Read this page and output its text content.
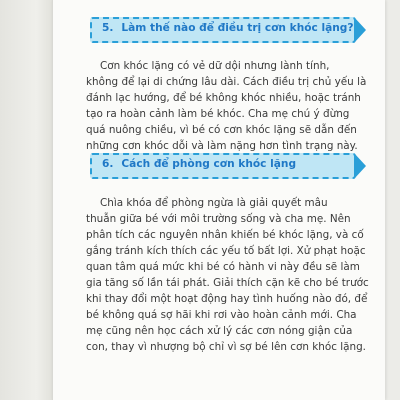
5. Làm thế nào để điều trị cơn khóc lặng?
Cơn khóc lặng có vẻ dữ dội nhưng lành tính,
không để lại di chứng lâu dài. Cách điều trị chủ yếu là
đánh lạc hướng, để bé không khóc nhiều, hoặc tránh
tạo ra hoàn cảnh làm bé khóc. Cha mẹ chú ý đừng
quá nuông chiều, vì bé có cơn khóc lặng sẽ dẫn đến
những cơn khóc dỗi và làm nặng hơn tình trạng này.
6. Cách để phòng cơn khóc lặng
Chìa khóa để phòng ngừa là giải quyết mâu
thuẫn giữa bé với môi trường sống và cha mẹ. Nên
phân tích các nguyên nhân khiến bé khóc lặng, và cố
gắng tránh kích thích các yếu tố bất lợi. Xử phạt hoặc
quan tâm quá mức khi bé có hành vi này đều sẽ làm
gia tăng số lần tái phát. Giải thích cặn kẽ cho bé trước
khi thay đổi một hoạt động hay tình huống nào đó, để
bé không quá sợ hãi khi rơi vào hoàn cảnh mới. Cha
mẹ cũng nên học cách xử lý các cơn nóng giận của
con, thay vì nhượng bộ chỉ vì sợ bé lên cơn khóc lặng.
